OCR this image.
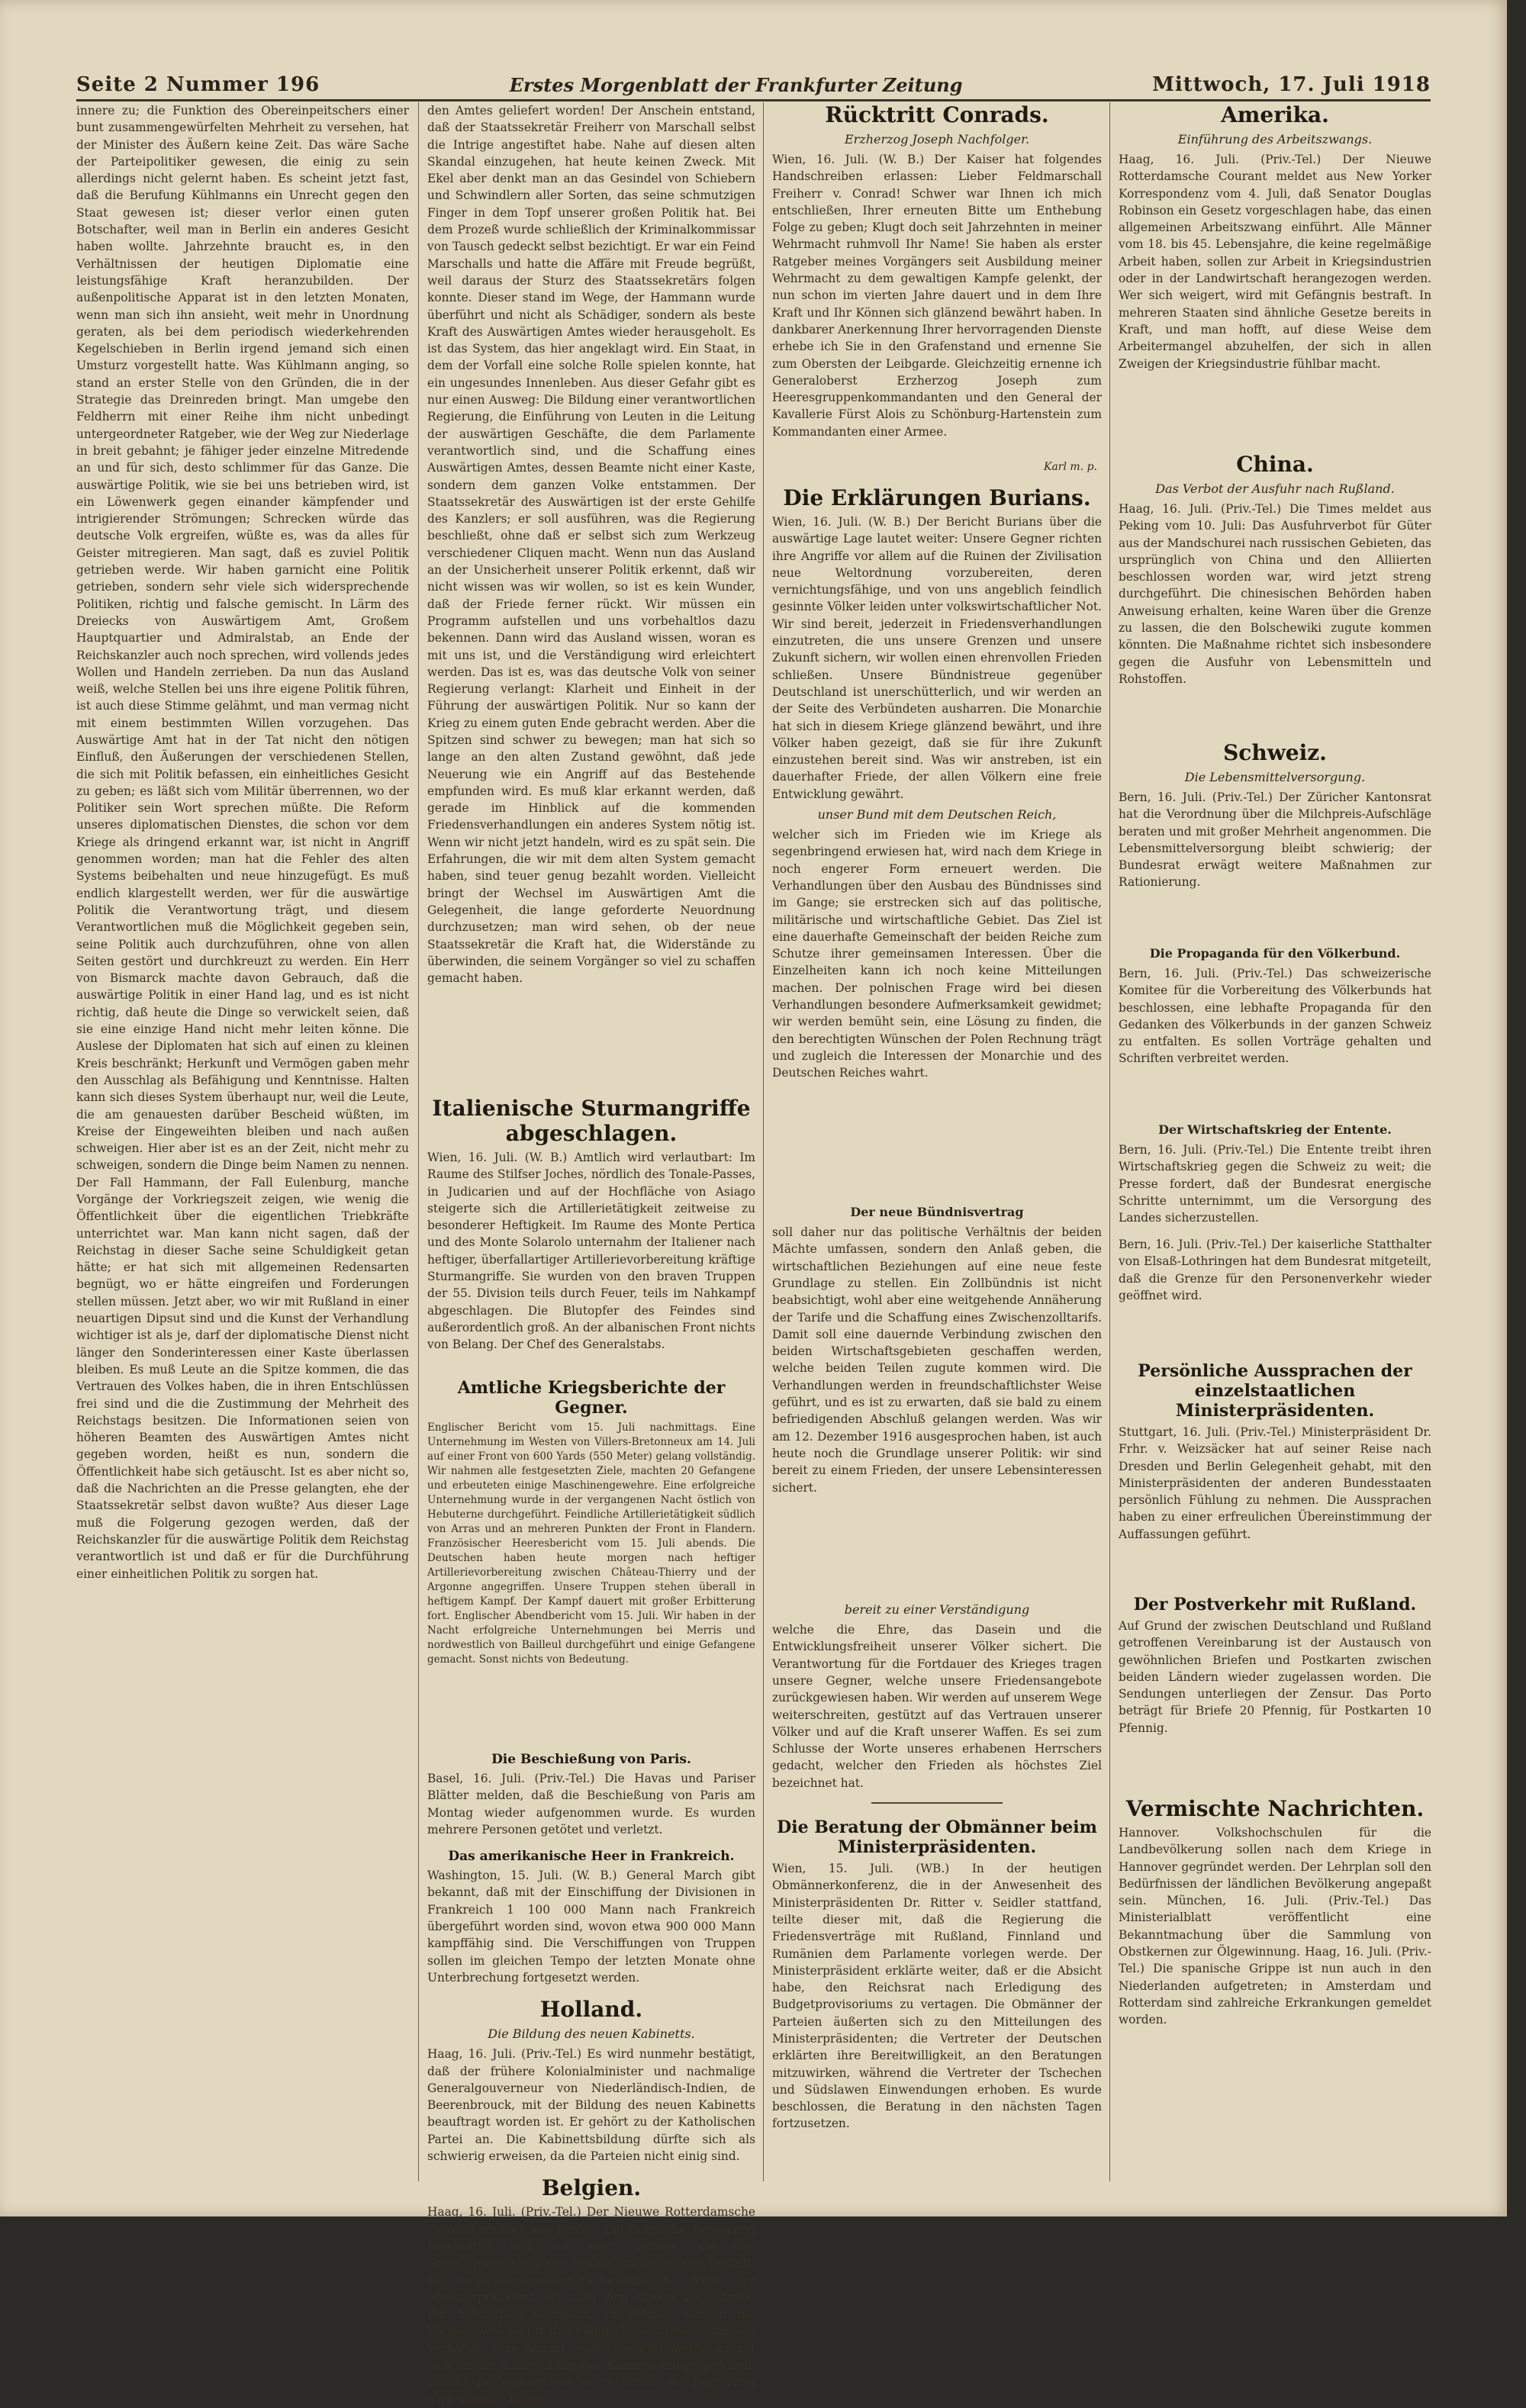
Seite 2 Nummer 196	Erstes Morgenblatt der Frankfurter Zeitung	Mittwoch, 17. Juli 1918

innere zu; die Funktion des Obereinpeitschers einer bunt zusammengewürfelten Mehrheit zu versehen, hat der Minister des Äußern keine Zeit. Das wäre Sache der Parteipolitiker gewesen, die einig zu sein allerdings nicht gelernt haben. Es scheint jetzt fast, daß die Berufung Kühlmanns ein Unrecht gegen den Staat gewesen ist; dieser verlor einen guten Botschafter, weil man in Berlin ein anderes Gesicht haben wollte. Jahrzehnte braucht es, in den Verhältnissen der heutigen Diplomatie eine leistungsfähige Kraft heranzubilden. Der außenpolitische Apparat ist in den letzten Monaten, wenn man sich ihn ansieht, weit mehr in Unordnung geraten, als bei dem periodisch wiederkehrenden Kegelschieben in Berlin irgend jemand sich einen Umsturz vorgestellt hatte. Was Kühlmann anging, so stand an erster Stelle von den Gründen, die in der Strategie das Dreinreden bringt. Man umgebe den Feldherrn mit einer Reihe ihm nicht unbedingt untergeordneter Ratgeber, wie der Weg zur Niederlage in breit gebahnt; je fähiger jeder einzelne Mitredende an und für sich, desto schlimmer für das Ganze. Die auswärtige Politik, wie sie bei uns betrieben wird, ist ein Löwenwerk gegen einander kämpfender und intrigierender Strömungen; Schrecken würde das deutsche Volk ergreifen, wüßte es, was da alles für Geister mitregieren. Man sagt, daß es zuviel Politik getrieben werde. Wir haben garnicht eine Politik getrieben, sondern sehr viele sich widersprechende Politiken, richtig und falsche gemischt. In Lärm des Dreiecks von Auswärtigem Amt, Großem Hauptquartier und Admiralstab, an Ende der Reichskanzler auch noch sprechen, wird vollends jedes Wollen und Handeln zerrieben. Da nun das Ausland weiß, welche Stellen bei uns ihre eigene Politik führen, ist auch diese Stimme gelähmt, und man vermag nicht mit einem bestimmten Willen vorzugehen. Das Auswärtige Amt hat in der Tat nicht den nötigen Einfluß, den Äußerungen der verschiedenen Stellen, die sich mit Politik befassen, ein einheitliches Gesicht zu geben; es läßt sich vom Militär überrennen, wo der Politiker sein Wort sprechen müßte. Die Reform unseres diplomatischen Dienstes, die schon vor dem Kriege als dringend erkannt war, ist nicht in Angriff genommen worden; man hat die Fehler des alten Systems beibehalten und neue hinzugefügt. Es muß endlich klargestellt werden, wer für die auswärtige Politik die Verantwortung trägt, und diesem Verantwortlichen muß die Möglichkeit gegeben sein, seine Politik auch durchzuführen, ohne von allen Seiten gestört und durchkreuzt zu werden. Ein Herr von Bismarck machte davon Gebrauch, daß die auswärtige Politik in einer Hand lag, und es ist nicht richtig, daß heute die Dinge so verwickelt seien, daß sie eine einzige Hand nicht mehr leiten könne. Die Auslese der Diplomaten hat sich auf einen zu kleinen Kreis beschränkt; Herkunft und Vermögen gaben mehr den Ausschlag als Befähigung und Kenntnisse. Halten kann sich dieses System überhaupt nur, weil die Leute, die am genauesten darüber Bescheid wüßten, im Kreise der Eingeweihten bleiben und nach außen schweigen. Hier aber ist es an der Zeit, nicht mehr zu schweigen, sondern die Dinge beim Namen zu nennen. Der Fall Hammann, der Fall Eulenburg, manche Vorgänge der Vorkriegszeit zeigen, wie wenig die Öffentlichkeit über die eigentlichen Triebkräfte unterrichtet war. Man kann nicht sagen, daß der Reichstag in dieser Sache seine Schuldigkeit getan hätte; er hat sich mit allgemeinen Redensarten begnügt, wo er hätte eingreifen und Forderungen stellen müssen. Jetzt aber, wo wir mit Rußland in einer neuartigen Dipsut sind und die Kunst der Verhandlung wichtiger ist als je, darf der diplomatische Dienst nicht länger den Sonderinteressen einer Kaste überlassen bleiben. Es muß Leute an die Spitze kommen, die das Vertrauen des Volkes haben, die in ihren Entschlüssen frei sind und die die Zustimmung der Mehrheit des Reichstags besitzen. Die Informationen seien von höheren Beamten des Auswärtigen Amtes nicht gegeben worden, heißt es nun, sondern die Öffentlichkeit habe sich getäuscht. Ist es aber nicht so, daß die Nachrichten an die Presse gelangten, ehe der Staatssekretär selbst davon wußte? Aus dieser Lage muß die Folgerung gezogen werden, daß der Reichskanzler für die auswärtige Politik dem Reichstag verantwortlich ist und daß er für die Durchführung einer einheitlichen Politik zu sorgen hat.

den Amtes geliefert worden! Der Anschein entstand, daß der Staatssekretär Freiherr von Marschall selbst die Intrige angestiftet habe. Nahe auf diesen alten Skandal einzugehen, hat heute keinen Zweck. Mit Ekel aber denkt man an das Gesindel von Schiebern und Schwindlern aller Sorten, das seine schmutzigen Finger in dem Topf unserer großen Politik hat. Bei dem Prozeß wurde schließlich der Kriminalkommissar von Tausch gedeckt selbst bezichtigt. Er war ein Feind Marschalls und hatte die Affäre mit Freude begrüßt, weil daraus der Sturz des Staatssekretärs folgen konnte. Dieser stand im Wege, der Hammann wurde überführt und nicht als Schädiger, sondern als beste Kraft des Auswärtigen Amtes wieder herausgeholt. Es ist das System, das hier angeklagt wird. Ein Staat, in dem der Vorfall eine solche Rolle spielen konnte, hat ein ungesundes Innenleben. Aus dieser Gefahr gibt es nur einen Ausweg: Die Bildung einer verantwortlichen Regierung, die Einführung von Leuten in die Leitung der auswärtigen Geschäfte, die dem Parlamente verantwortlich sind, und die Schaffung eines Auswärtigen Amtes, dessen Beamte nicht einer Kaste, sondern dem ganzen Volke entstammen. Der Staatssekretär des Auswärtigen ist der erste Gehilfe des Kanzlers; er soll ausführen, was die Regierung beschließt, ohne daß er selbst sich zum Werkzeug verschiedener Cliquen macht. Wenn nun das Ausland an der Unsicherheit unserer Politik erkennt, daß wir nicht wissen was wir wollen, so ist es kein Wunder, daß der Friede ferner rückt. Wir müssen ein Programm aufstellen und uns vorbehaltlos dazu bekennen. Dann wird das Ausland wissen, woran es mit uns ist, und die Verständigung wird erleichtert werden. Das ist es, was das deutsche Volk von seiner Regierung verlangt: Klarheit und Einheit in der Führung der auswärtigen Politik. Nur so kann der Krieg zu einem guten Ende gebracht werden. Aber die Spitzen sind schwer zu bewegen; man hat sich so lange an den alten Zustand gewöhnt, daß jede Neuerung wie ein Angriff auf das Bestehende empfunden wird. Es muß klar erkannt werden, daß gerade im Hinblick auf die kommenden Friedensverhandlungen ein anderes System nötig ist. Wenn wir nicht jetzt handeln, wird es zu spät sein. Die Erfahrungen, die wir mit dem alten System gemacht haben, sind teuer genug bezahlt worden. Vielleicht bringt der Wechsel im Auswärtigen Amt die Gelegenheit, die lange geforderte Neuordnung durchzusetzen; man wird sehen, ob der neue Staatssekretär die Kraft hat, die Widerstände zu überwinden, die seinem Vorgänger so viel zu schaffen gemacht haben.

Italienische Sturmangriffe abgeschlagen.

Wien, 16. Juli. (W. B.) Amtlich wird verlautbart: Im Raume des Stilfser Joches, nördlich des Tonale-Passes, in Judicarien und auf der Hochfläche von Asiago steigerte sich die Artillerietätigkeit zeitweise zu besonderer Heftigkeit. Im Raume des Monte Pertica und des Monte Solarolo unternahm der Italiener nach heftiger, überfallartiger Artillerievorbereitung kräftige Sturmangriffe. Sie wurden von den braven Truppen der 55. Division teils durch Feuer, teils im Nahkampf abgeschlagen. Die Blutopfer des Feindes sind außerordentlich groß. An der albanischen Front nichts von Belang. Der Chef des Generalstabs.

Amtliche Kriegsberichte der Gegner.

Englischer Bericht vom 15. Juli nachmittags. Eine Unternehmung im Westen von Villers-Bretonneux am 14. Juli auf einer Front von 600 Yards (550 Meter) gelang vollständig. Wir nahmen alle festgesetzten Ziele, machten 20 Gefangene und erbeuteten einige Maschinengewehre. Eine erfolgreiche Unternehmung wurde in der vergangenen Nacht östlich von Hebuterne durchgeführt. Feindliche Artillerietätigkeit südlich von Arras und an mehreren Punkten der Front in Flandern. Französischer Heeresbericht vom 15. Juli abends. Die Deutschen haben heute morgen nach heftiger Artillerievorbereitung zwischen Château-Thierry und der Argonne angegriffen. Unsere Truppen stehen überall in heftigem Kampf. Der Kampf dauert mit großer Erbitterung fort. Englischer Abendbericht vom 15. Juli. Wir haben in der Nacht erfolgreiche Unternehmungen bei Merris und nordwestlich von Bailleul durchgeführt und einige Gefangene gemacht. Sonst nichts von Bedeutung.

Die Beschießung von Paris.

Basel, 16. Juli. (Priv.-Tel.) Die Havas und Pariser Blätter melden, daß die Beschießung von Paris am Montag wieder aufgenommen wurde. Es wurden mehrere Personen getötet und verletzt.

Das amerikanische Heer in Frankreich.

Washington, 15. Juli. (W. B.) General March gibt bekannt, daß mit der Einschiffung der Divisionen in Frankreich 1 100 000 Mann nach Frankreich übergeführt worden sind, wovon etwa 900 000 Mann kampffähig sind. Die Verschiffungen von Truppen sollen im gleichen Tempo der letzten Monate ohne Unterbrechung fortgesetzt werden.

Holland.
Die Bildung des neuen Kabinetts.

Haag, 16. Juli. (Priv.-Tel.) Es wird nunmehr bestätigt, daß der frühere Kolonialminister und nachmalige Generalgouverneur von Niederländisch-Indien, de Beerenbrouck, mit der Bildung des neuen Kabinetts beauftragt worden ist. Er gehört zu der Katholischen Partei an. Die Kabinettsbildung dürfte sich als schwierig erweisen, da die Parteien nicht einig sind.

Belgien.

Haag, 16. Juli. (Priv.-Tel.) Der Nieuwe Rotterdamsche Courant meldet aus Havre: Die belgische Regierung beschäftigt sich mit einer Vorlage, die den Sprachgebrauch in den Verwaltungsbehörden betrifft. Die Verfassungsrevision zu beschließen, erklärte der Ministerpräsident, sei nach dem Kriege die Aufgabe der belgischen Kammern. In Belgien werden die Vlamen, welche für das Flämische eintreten, zum Teil verhaftet. Eine Anzahl belgischer Parlamentarier hat sich für die Einberufung der Kammer ausgesprochen, sobald die Verhältnisse es gestatten; die Regierung wird darüber beraten.

Rücktritt Conrads.
Erzherzog Joseph Nachfolger.

Wien, 16. Juli. (W. B.) Der Kaiser hat folgendes Handschreiben erlassen: Lieber Feldmarschall Freiherr v. Conrad! Schwer war Ihnen ich mich entschließen, Ihrer erneuten Bitte um Enthebung Folge zu geben; Klugt doch seit Jahrzehnten in meiner Wehrmacht ruhmvoll Ihr Name! Sie haben als erster Ratgeber meines Vorgängers seit Ausbildung meiner Wehrmacht zu dem gewaltigen Kampfe gelenkt, der nun schon im vierten Jahre dauert und in dem Ihre Kraft und Ihr Können sich glänzend bewährt haben. In dankbarer Anerkennung Ihrer hervorragenden Dienste erhebe ich Sie in den Grafenstand und ernenne Sie zum Obersten der Leibgarde. Gleichzeitig ernenne ich Generaloberst Erzherzog Joseph zum Heeresgruppenkommandanten und den General der Kavallerie Fürst Alois zu Schönburg-Hartenstein zum Kommandanten einer Armee.

Karl m. p.
Die Erklärungen Burians.

Wien, 16. Juli. (W. B.) Der Bericht Burians über die auswärtige Lage lautet weiter: Unsere Gegner richten ihre Angriffe vor allem auf die Ruinen der Zivilisation neue Weltordnung vorzubereiten, deren vernichtungsfähige, und von uns angeblich feindlich gesinnte Völker leiden unter volkswirtschaftlicher Not. Wir sind bereit, jederzeit in Friedensverhandlungen einzutreten, die uns unsere Grenzen und unsere Zukunft sichern, wir wollen einen ehrenvollen Frieden schließen. Unsere Bündnistreue gegenüber Deutschland ist unerschütterlich, und wir werden an der Seite des Verbündeten ausharren. Die Monarchie hat sich in diesem Kriege glänzend bewährt, und ihre Völker haben gezeigt, daß sie für ihre Zukunft einzustehen bereit sind. Was wir anstreben, ist ein dauerhafter Friede, der allen Völkern eine freie Entwicklung gewährt.

unser Bund mit dem Deutschen Reich,

welcher sich im Frieden wie im Kriege als segenbringend erwiesen hat, wird nach dem Kriege in noch engerer Form erneuert werden. Die Verhandlungen über den Ausbau des Bündnisses sind im Gange; sie erstrecken sich auf das politische, militärische und wirtschaftliche Gebiet. Das Ziel ist eine dauerhafte Gemeinschaft der beiden Reiche zum Schutze ihrer gemeinsamen Interessen. Über die Einzelheiten kann ich noch keine Mitteilungen machen. Der polnischen Frage wird bei diesen Verhandlungen besondere Aufmerksamkeit gewidmet; wir werden bemüht sein, eine Lösung zu finden, die den berechtigten Wünschen der Polen Rechnung trägt und zugleich die Interessen der Monarchie und des Deutschen Reiches wahrt.

Der neue Bündnisvertrag

soll daher nur das politische Verhältnis der beiden Mächte umfassen, sondern den Anlaß geben, die wirtschaftlichen Beziehungen auf eine neue feste Grundlage zu stellen. Ein Zollbündnis ist nicht beabsichtigt, wohl aber eine weitgehende Annäherung der Tarife und die Schaffung eines Zwischenzolltarifs. Damit soll eine dauernde Verbindung zwischen den beiden Wirtschaftsgebieten geschaffen werden, welche beiden Teilen zugute kommen wird. Die Verhandlungen werden in freundschaftlichster Weise geführt, und es ist zu erwarten, daß sie bald zu einem befriedigenden Abschluß gelangen werden. Was wir am 12. Dezember 1916 ausgesprochen haben, ist auch heute noch die Grundlage unserer Politik: wir sind bereit zu einem Frieden, der unsere Lebensinteressen sichert.

bereit zu einer Verständigung

welche die Ehre, das Dasein und die Entwicklungsfreiheit unserer Völker sichert. Die Verantwortung für die Fortdauer des Krieges tragen unsere Gegner, welche unsere Friedensangebote zurückgewiesen haben. Wir werden auf unserem Wege weiterschreiten, gestützt auf das Vertrauen unserer Völker und auf die Kraft unserer Waffen. Es sei zum Schlusse der Worte unseres erhabenen Herrschers gedacht, welcher den Frieden als höchstes Ziel bezeichnet hat.

Die Beratung der Obmänner beim Ministerpräsidenten.

Wien, 15. Juli. (WB.) In der heutigen Obmännerkonferenz, die in der Anwesenheit des Ministerpräsidenten Dr. Ritter v. Seidler stattfand, teilte dieser mit, daß die Regierung die Friedensverträge mit Rußland, Finnland und Rumänien dem Parlamente vorlegen werde. Der Ministerpräsident erklärte weiter, daß er die Absicht habe, den Reichsrat nach Erledigung des Budgetprovisoriums zu vertagen. Die Obmänner der Parteien äußerten sich zu den Mitteilungen des Ministerpräsidenten; die Vertreter der Deutschen erklärten ihre Bereitwilligkeit, an den Beratungen mitzuwirken, während die Vertreter der Tschechen und Südslawen Einwendungen erhoben. Es wurde beschlossen, die Beratung in den nächsten Tagen fortzusetzen.

Amerika.
Einführung des Arbeitszwangs.

Haag, 16. Juli. (Priv.-Tel.) Der Nieuwe Rotterdamsche Courant meldet aus New Yorker Korrespondenz vom 4. Juli, daß Senator Douglas Robinson ein Gesetz vorgeschlagen habe, das einen allgemeinen Arbeitszwang einführt. Alle Männer vom 18. bis 45. Lebensjahre, die keine regelmäßige Arbeit haben, sollen zur Arbeit in Kriegsindustrien oder in der Landwirtschaft herangezogen werden. Wer sich weigert, wird mit Gefängnis bestraft. In mehreren Staaten sind ähnliche Gesetze bereits in Kraft, und man hofft, auf diese Weise dem Arbeitermangel abzuhelfen, der sich in allen Zweigen der Kriegsindustrie fühlbar macht.

China.
Das Verbot der Ausfuhr nach Rußland.

Haag, 16. Juli. (Priv.-Tel.) Die Times meldet aus Peking vom 10. Juli: Das Ausfuhrverbot für Güter aus der Mandschurei nach russischen Gebieten, das ursprünglich von China und den Alliierten beschlossen worden war, wird jetzt streng durchgeführt. Die chinesischen Behörden haben Anweisung erhalten, keine Waren über die Grenze zu lassen, die den Bolschewiki zugute kommen könnten. Die Maßnahme richtet sich insbesondere gegen die Ausfuhr von Lebensmitteln und Rohstoffen.

Schweiz.
Die Lebensmittelversorgung.

Bern, 16. Juli. (Priv.-Tel.) Der Züricher Kantonsrat hat die Verordnung über die Milchpreis-Aufschläge beraten und mit großer Mehrheit angenommen. Die Lebensmittelversorgung bleibt schwierig; der Bundesrat erwägt weitere Maßnahmen zur Rationierung.

Die Propaganda für den Völkerbund.

Bern, 16. Juli. (Priv.-Tel.) Das schweizerische Komitee für die Vorbereitung des Völkerbunds hat beschlossen, eine lebhafte Propaganda für den Gedanken des Völkerbunds in der ganzen Schweiz zu entfalten. Es sollen Vorträge gehalten und Schriften verbreitet werden.

Der Wirtschaftskrieg der Entente.

Bern, 16. Juli. (Priv.-Tel.) Die Entente treibt ihren Wirtschaftskrieg gegen die Schweiz zu weit; die Presse fordert, daß der Bundesrat energische Schritte unternimmt, um die Versorgung des Landes sicherzustellen.

Bern, 16. Juli. (Priv.-Tel.) Der kaiserliche Statthalter von Elsaß-Lothringen hat dem Bundesrat mitgeteilt, daß die Grenze für den Personenverkehr wieder geöffnet wird.

Persönliche Aussprachen der einzelstaatlichen Ministerpräsidenten.

Stuttgart, 16. Juli. (Priv.-Tel.) Ministerpräsident Dr. Frhr. v. Weizsäcker hat auf seiner Reise nach Dresden und Berlin Gelegenheit gehabt, mit den Ministerpräsidenten der anderen Bundesstaaten persönlich Fühlung zu nehmen. Die Aussprachen haben zu einer erfreulichen Übereinstimmung der Auffassungen geführt.

Der Postverkehr mit Rußland.

Auf Grund der zwischen Deutschland und Rußland getroffenen Vereinbarung ist der Austausch von gewöhnlichen Briefen und Postkarten zwischen beiden Ländern wieder zugelassen worden. Die Sendungen unterliegen der Zensur. Das Porto beträgt für Briefe 20 Pfennig, für Postkarten 10 Pfennig.

Vermischte Nachrichten.

Hannover. Volkshochschulen für die Landbevölkerung sollen nach dem Kriege in Hannover gegründet werden. Der Lehrplan soll den Bedürfnissen der ländlichen Bevölkerung angepaßt sein. München, 16. Juli. (Priv.-Tel.) Das Ministerialblatt veröffentlicht eine Bekanntmachung über die Sammlung von Obstkernen zur Ölgewinnung. Haag, 16. Juli. (Priv.-Tel.) Die spanische Grippe ist nun auch in den Niederlanden aufgetreten; in Amsterdam und Rotterdam sind zahlreiche Erkrankungen gemeldet worden.
